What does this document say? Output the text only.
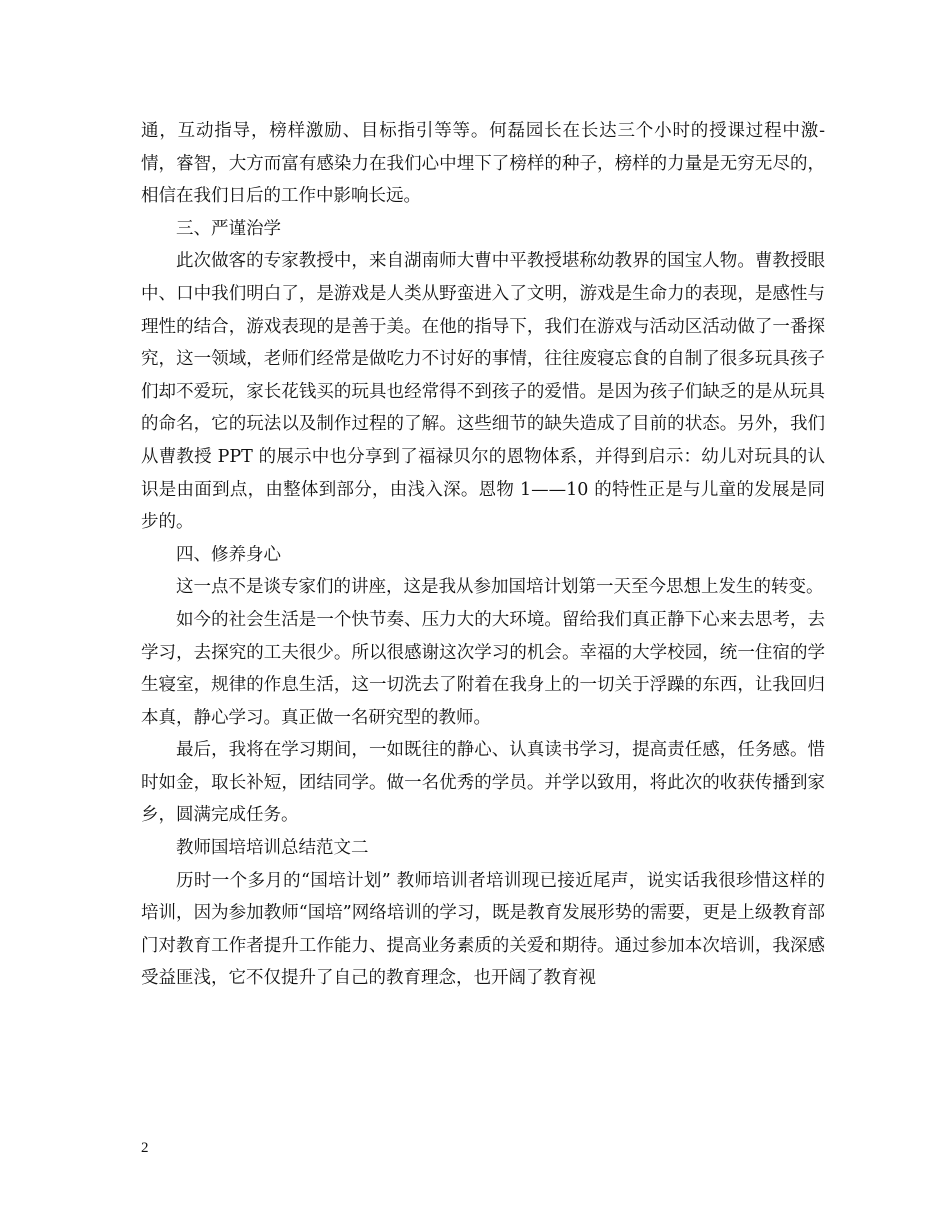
通，互动指导，榜样激励、目标指引等等。何磊园长在长达三个小时的授课过程中激- 情，睿智，大方而富有感染力在我们心中埋下了榜样的种子，榜样的力量是无穷无尽的，相信在我们日后的工作中影响长远。

三、严谨治学

此次做客的专家教授中，来自湖南师大曹中平教授堪称幼教界的国宝人物。曹教授眼中、口中我们明白了，是游戏是人类从野蛮进入了文明，游戏是生命力的表现，是感性与理性的结合，游戏表现的是善于美。在他的指导下，我们在游戏与活动区活动做了一番探究，这一领域，老师们经常是做吃力不讨好的事情，往往废寝忘食的自制了很多玩具孩子们却不爱玩，家长花钱买的玩具也经常得不到孩子的爱惜。是因为孩子们缺乏的是从玩具的命名，它的玩法以及制作过程的了解。这些细节的缺失造成了目前的状态。另外，我们从曹教授 PPT 的展示中也分享到了福禄贝尔的恩物体系，并得到启示：幼儿对玩具的认识是由面到点，由整体到部分，由浅入深。恩物 1——10 的特性正是与儿童的发展是同步的。

四、修养身心

这一点不是谈专家们的讲座，这是我从参加国培计划第一天至今思想上发生的转变。

如今的社会生活是一个快节奏、压力大的大环境。留给我们真正静下心来去思考，去学习，去探究的工夫很少。所以很感谢这次学习的机会。幸福的大学校园，统一住宿的学生寝室，规律的作息生活，这一切洗去了附着在我身上的一切关于浮躁的东西，让我回归本真，静心学习。真正做一名研究型的教师。

最后，我将在学习期间，一如既往的静心、认真读书学习，提高责任感，任务感。惜时如金，取长补短，团结同学。做一名优秀的学员。并学以致用，将此次的收获传播到家乡，圆满完成任务。

教师国培培训总结范文二

历时一个多月的“国培计划” 教师培训者培训现已接近尾声，说实话我很珍惜这样的培训，因为参加教师“国培”网络培训的学习，既是教育发展形势的需要，更是上级教育部门对教育工作者提升工作能力、提高业务素质的关爱和期待。通过参加本次培训，我深感受益匪浅，它不仅提升了自己的教育理念，也开阔了教育视

2
